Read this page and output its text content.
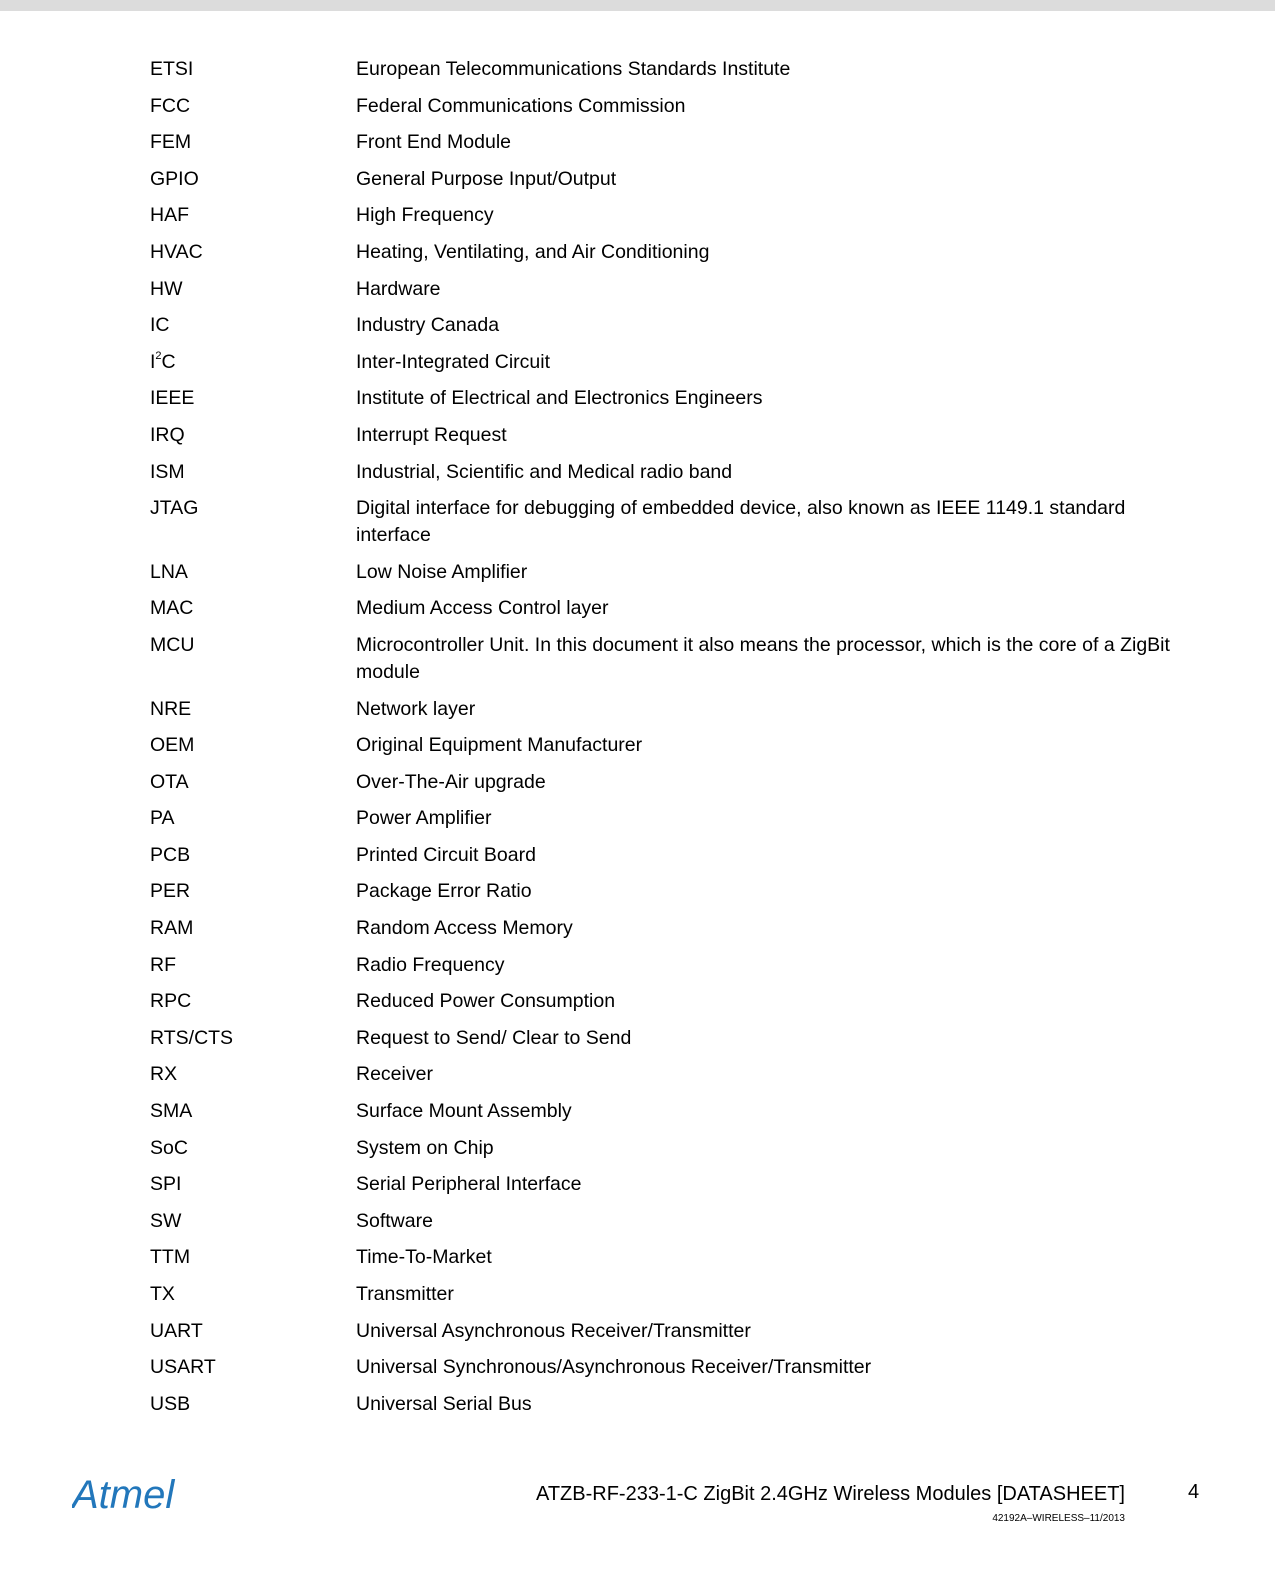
ETSI	European Telecommunications Standards Institute
FCC	Federal Communications Commission
FEM	Front End Module
GPIO	General Purpose Input/Output
HAF	High Frequency
HVAC	Heating, Ventilating, and Air Conditioning
HW	Hardware
IC	Industry Canada
$I^2C$	Inter-Integrated Circuit
IEEE	Institute of Electrical and Electronics Engineers
IRQ	Interrupt Request
ISM	Industrial, Scientific and Medical radio band
JTAG	Digital interface for debugging of embedded device, also known as IEEE 1149.1 standard interface
LNA	Low Noise Amplifier
MAC	Medium Access Control layer
MCU	Microcontroller Unit. In this document it also means the processor, which is the core of a ZigBit module
NRE	Network layer
OEM	Original Equipment Manufacturer
OTA	Over-The-Air upgrade
PA	Power Amplifier
PCB	Printed Circuit Board
PER	Package Error Ratio
RAM	Random Access Memory
RF	Radio Frequency
RPC	Reduced Power Consumption
RTS/CTS	Request to Send/ Clear to Send
RX	Receiver
SMA	Surface Mount Assembly
SoC	System on Chip
SPI	Serial Peripheral Interface
SW	Software
TTM	Time-To-Market
TX	Transmitter
UART	Universal Asynchronous Receiver/Transmitter
USART	Universal Synchronous/Asynchronous Receiver/Transmitter
USB	Universal Serial Bus
Atmel	ATZB-RF-233-1-C ZigBit 2.4GHz Wireless Modules [DATASHEET]
42192A–WIRELESS–11/2013
4
